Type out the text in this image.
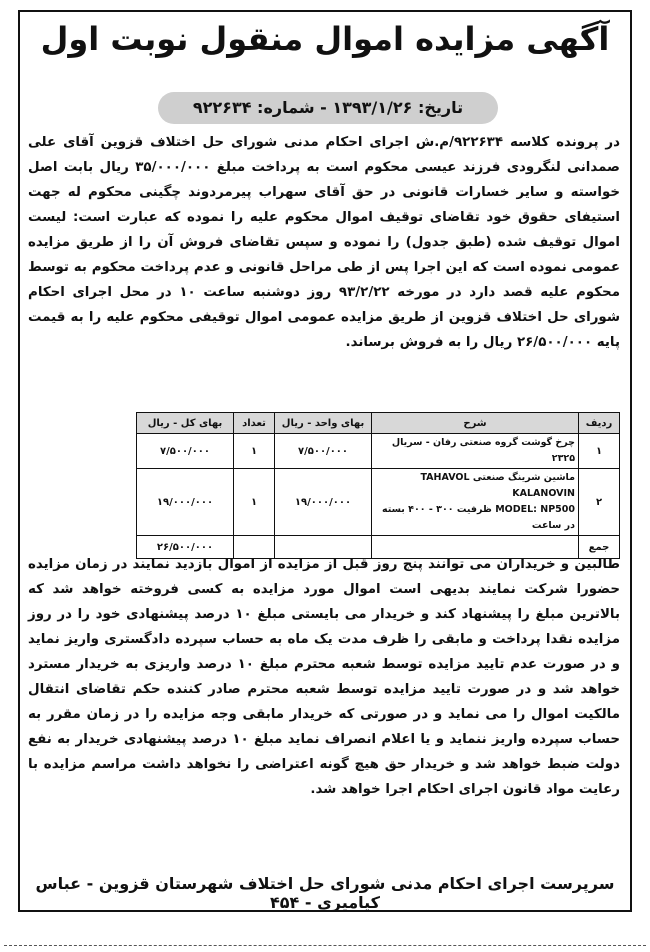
آگهی مزایده اموال منقول نوبت اول
تاریخ: ۱۳۹۳/۱/۲۶ - شماره: ۹۲۲۶۳۴
در پرونده کلاسه ۹۲۲۶۳۴/م.ش اجرای احکام مدنی شورای حل اختلاف قزوین آقای علی صمدانی لنگرودی فرزند عیسی محکوم است به پرداخت مبلغ ۳۵/۰۰۰/۰۰۰ ریال بابت اصل خواسته و سایر خسارات قانونی در حق آقای سهراب پیرمردوند چگینی محکوم له جهت استیفای حقوق خود تقاضای توقیف اموال محکوم علیه را نموده که عبارت است: لیست اموال توقیف شده (طبق جدول) را نموده و سپس تقاضای فروش آن را از طریق مزایده عمومی نموده است که این اجرا پس از طی مراحل قانونی و عدم پرداخت محکوم به توسط محکوم علیه قصد دارد در مورخه ۹۳/۲/۲۲ روز دوشنبه ساعت ۱۰ در محل اجرای احکام شورای حل اختلاف قزوین از طریق مزایده عمومی اموال توقیفی محکوم علیه را به قیمت پایه ۲۶/۵۰۰/۰۰۰ ریال را به فروش برساند.
ردیف	شرح	بهای واحد - ریال	تعداد	بهای کل - ریال
۱	چرخ گوشت گروه صنعتی رفان - سریال ۲۳۲۵	۷/۵۰۰/۰۰۰	۱	۷/۵۰۰/۰۰۰
۲	ماشین شرینگ صنعتی TAHAVOL KALANOVIN
MODEL: NP500 ظرفیت ۳۰۰ - ۴۰۰ بسته در ساعت	۱۹/۰۰۰/۰۰۰	۱	۱۹/۰۰۰/۰۰۰
جمع				۲۶/۵۰۰/۰۰۰
طالبین و خریداران می توانند پنج روز قبل از مزایده از اموال بازدید نمایند در زمان مزایده حضورا شرکت نمایند بدیهی است اموال مورد مزایده به کسی فروخته خواهد شد که بالاترین مبلغ را پیشنهاد کند و خریدار می بایستی مبلغ ۱۰ درصد پیشنهادی خود را در روز مزایده نقدا پرداخت و مابقی را ظرف مدت یک ماه به حساب سپرده دادگستری واریز نماید و در صورت عدم تایید مزایده توسط شعبه محترم مبلغ ۱۰ درصد واریزی به خریدار مسترد خواهد شد و در صورت تایید مزایده توسط شعبه محترم صادر کننده حکم تقاضای انتقال مالکیت اموال را می نماید و در صورتی که خریدار مابقی وجه مزایده را در زمان مقرر به حساب سپرده واریز ننماید و یا اعلام انصراف نماید مبلغ ۱۰ درصد پیشنهادی خریدار به نفع دولت ضبط خواهد شد و خریدار حق هیچ گونه اعتراضی را نخواهد داشت مراسم مزایده با رعایت مواد قانون اجرای احکام اجرا خواهد شد.
سرپرست اجرای احکام مدنی شورای حل اختلاف شهرستان قزوین - عباس کیامیری - ۴۵۴
